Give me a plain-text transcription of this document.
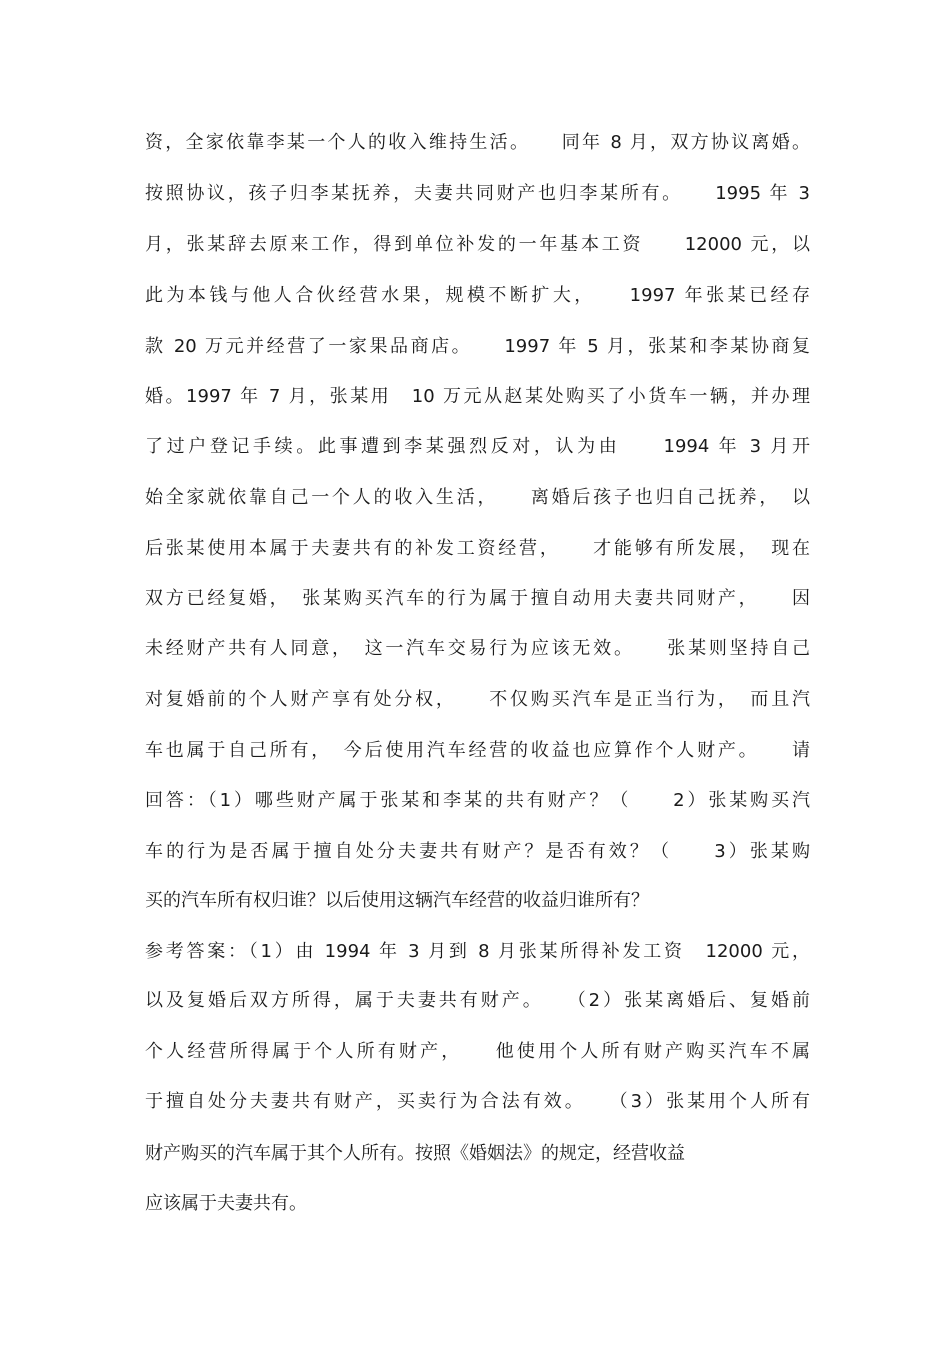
资，全家依靠李某一个人的收入维持生活。　　同年 8 月，双方协议离婚。
按照协议，孩子归李某抚养，夫妻共同财产也归李某所有。　　1995 年 3
月，张某辞去原来工作，得到单位补发的一年基本工资　　12000 元，以
此为本钱与他人合伙经营水果，规模不断扩大，　　1997 年张某已经存
款 20 万元并经营了一家果品商店。　　1997 年 5 月，张某和李某协商复
婚。1997 年 7 月，张某用　10 万元从赵某处购买了小货车一辆，并办理
了过户登记手续。此事遭到李某强烈反对，认为由　　1994 年 3 月开
始全家就依靠自己一个人的收入生活，　　离婚后孩子也归自己抚养，　以
后张某使用本属于夫妻共有的补发工资经营，　　才能够有所发展，　现在
双方已经复婚，　张某购买汽车的行为属于擅自动用夫妻共同财产，　　因
未经财产共有人同意，　这一汽车交易行为应该无效。　　张某则坚持自己
对复婚前的个人财产享有处分权，　　不仅购买汽车是正当行为，　而且汽
车也属于自己所有，　今后使用汽车经营的收益也应算作个人财产。　　请
回答：（1）哪些财产属于张某和李某的共有财产？（　　2）张某购买汽
车的行为是否属于擅自处分夫妻共有财产？是否有效？（　　3）张某购
买的汽车所有权归谁？以后使用这辆汽车经营的收益归谁所有？
参考答案：（1）由 1994 年 3 月到 8 月张某所得补发工资　12000 元，
以及复婚后双方所得，属于夫妻共有财产。　　（2）张某离婚后、复婚前
个人经营所得属于个人所有财产，　　他使用个人所有财产购买汽车不属
于擅自处分夫妻共有财产，买卖行为合法有效。　　（3）张某用个人所有
财产购买的汽车属于其个人所有。按照《婚姻法》的规定，经营收益
应该属于夫妻共有。
